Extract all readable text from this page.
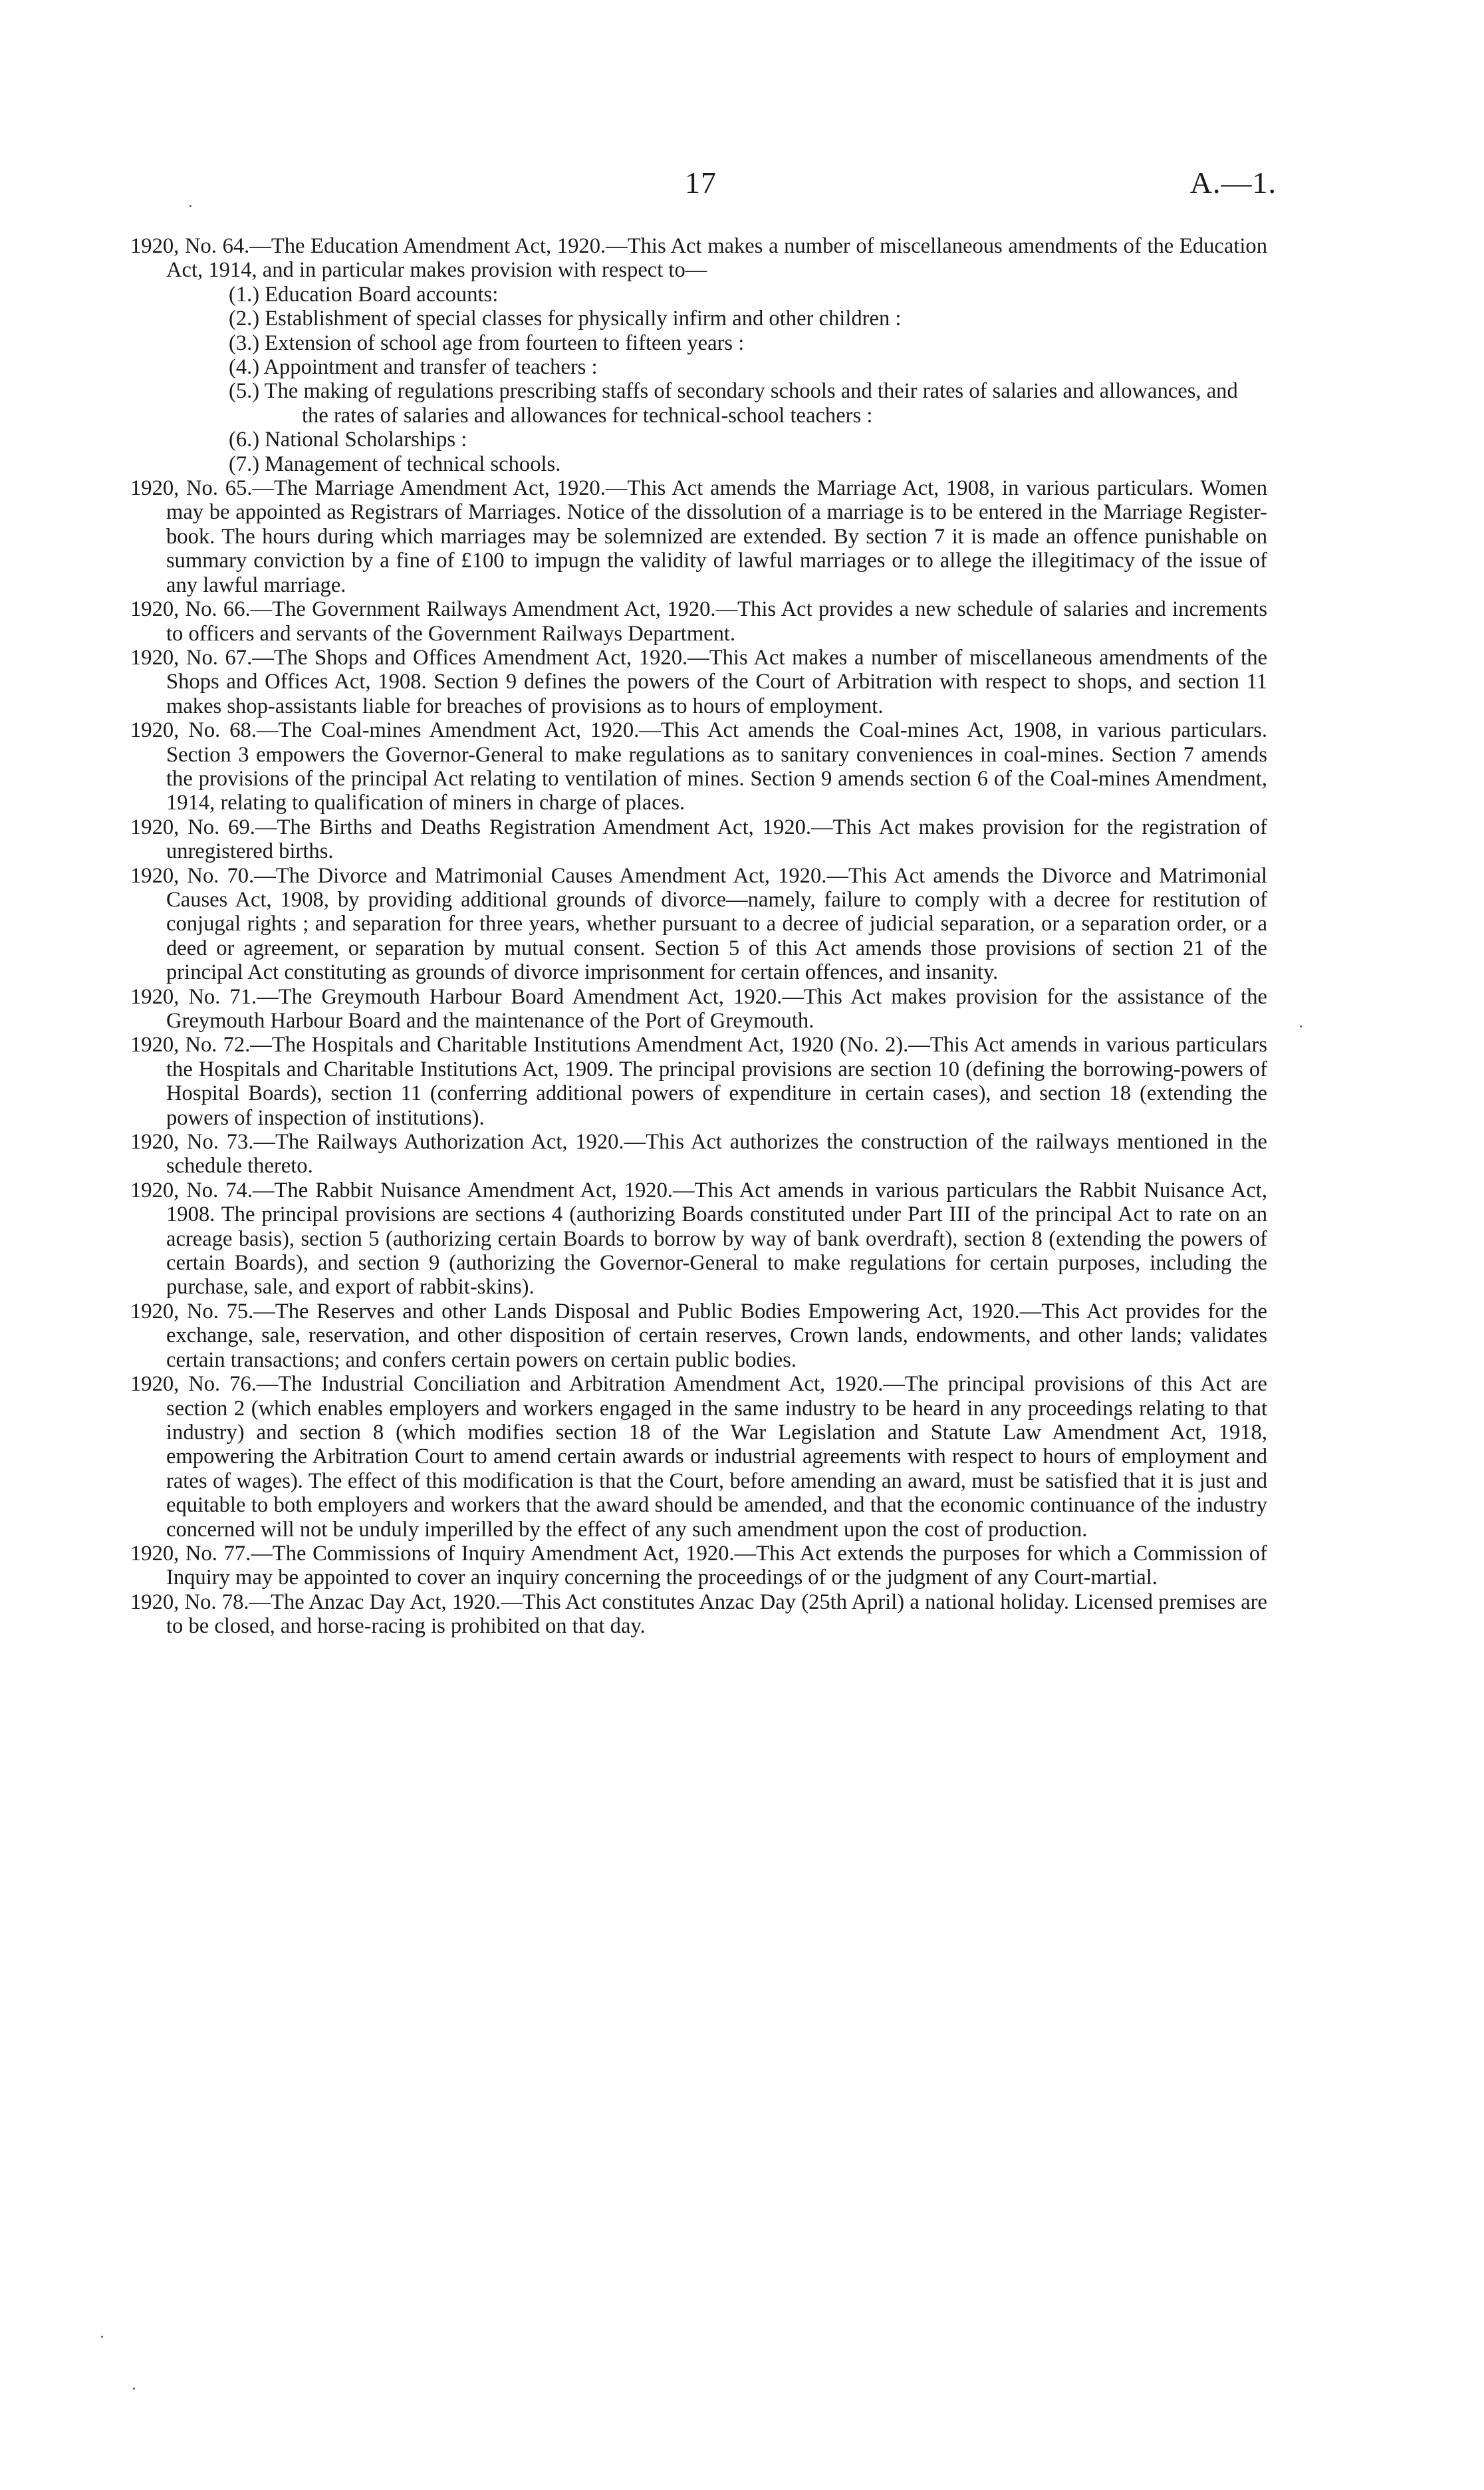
17	A.—1.

1920, No. 64.—The Education Amendment Act, 1920.—This Act makes a number of miscellaneous amendments of the Education Act, 1914, and in particular makes provision with respect to—

(1.) Education Board accounts:

(2.) Establishment of special classes for physically infirm and other children :

(3.) Extension of school age from fourteen to fifteen years :

(4.) Appointment and transfer of teachers :

(5.) The making of regulations prescribing staffs of secondary schools and their rates of salaries and allowances, and the rates of salaries and allowances for technical-school teachers :

(6.) National Scholarships :

(7.) Management of technical schools.

1920, No. 65.—The Marriage Amendment Act, 1920.—This Act amends the Marriage Act, 1908, in various particulars. Women may be appointed as Registrars of Marriages. Notice of the dissolution of a marriage is to be entered in the Marriage Register-book. The hours during which marriages may be solemnized are extended. By section 7 it is made an offence punishable on summary conviction by a fine of £100 to impugn the validity of lawful marriages or to allege the illegitimacy of the issue of any lawful marriage.

1920, No. 66.—The Government Railways Amendment Act, 1920.—This Act provides a new schedule of salaries and increments to officers and servants of the Government Railways Department.

1920, No. 67.—The Shops and Offices Amendment Act, 1920.—This Act makes a number of miscellaneous amendments of the Shops and Offices Act, 1908. Section 9 defines the powers of the Court of Arbitration with respect to shops, and section 11 makes shop-assistants liable for breaches of provisions as to hours of employment.

1920, No. 68.—The Coal-mines Amendment Act, 1920.—This Act amends the Coal-mines Act, 1908, in various particulars. Section 3 empowers the Governor-General to make regulations as to sanitary conveniences in coal-mines. Section 7 amends the provisions of the principal Act relating to ventilation of mines. Section 9 amends section 6 of the Coal-mines Amendment, 1914, relating to qualification of miners in charge of places.

1920, No. 69.—The Births and Deaths Registration Amendment Act, 1920.—This Act makes provision for the registration of unregistered births.

1920, No. 70.—The Divorce and Matrimonial Causes Amendment Act, 1920.—This Act amends the Divorce and Matrimonial Causes Act, 1908, by providing additional grounds of divorce—namely, failure to comply with a decree for restitution of conjugal rights ; and separation for three years, whether pursuant to a decree of judicial separation, or a separation order, or a deed or agreement, or separation by mutual consent. Section 5 of this Act amends those provisions of section 21 of the principal Act constituting as grounds of divorce imprisonment for certain offences, and insanity.

1920, No. 71.—The Greymouth Harbour Board Amendment Act, 1920.—This Act makes provision for the assistance of the Greymouth Harbour Board and the maintenance of the Port of Greymouth.

1920, No. 72.—The Hospitals and Charitable Institutions Amendment Act, 1920 (No. 2).—This Act amends in various particulars the Hospitals and Charitable Institutions Act, 1909. The principal provisions are section 10 (defining the borrowing-powers of Hospital Boards), section 11 (conferring additional powers of expenditure in certain cases), and section 18 (extending the powers of inspection of institutions).

1920, No. 73.—The Railways Authorization Act, 1920.—This Act authorizes the construction of the railways mentioned in the schedule thereto.

1920, No. 74.—The Rabbit Nuisance Amendment Act, 1920.—This Act amends in various particulars the Rabbit Nuisance Act, 1908. The principal provisions are sections 4 (authorizing Boards constituted under Part III of the principal Act to rate on an acreage basis), section 5 (authorizing certain Boards to borrow by way of bank overdraft), section 8 (extending the powers of certain Boards), and section 9 (authorizing the Governor-General to make regulations for certain purposes, including the purchase, sale, and export of rabbit-skins).

1920, No. 75.—The Reserves and other Lands Disposal and Public Bodies Empowering Act, 1920.—This Act provides for the exchange, sale, reservation, and other disposition of certain reserves, Crown lands, endowments, and other lands; validates certain transactions; and confers certain powers on certain public bodies.

1920, No. 76.—The Industrial Conciliation and Arbitration Amendment Act, 1920.—The principal provisions of this Act are section 2 (which enables employers and workers engaged in the same industry to be heard in any proceedings relating to that industry) and section 8 (which modifies section 18 of the War Legislation and Statute Law Amendment Act, 1918, empowering the Arbitration Court to amend certain awards or industrial agreements with respect to hours of employment and rates of wages). The effect of this modification is that the Court, before amending an award, must be satisfied that it is just and equitable to both employers and workers that the award should be amended, and that the economic continuance of the industry concerned will not be unduly imperilled by the effect of any such amendment upon the cost of production.

1920, No. 77.—The Commissions of Inquiry Amendment Act, 1920.—This Act extends the purposes for which a Commission of Inquiry may be appointed to cover an inquiry concerning the proceedings of or the judgment of any Court-martial.

1920, No. 78.—The Anzac Day Act, 1920.—This Act constitutes Anzac Day (25th April) a national holiday. Licensed premises are to be closed, and horse-racing is prohibited on that day.
